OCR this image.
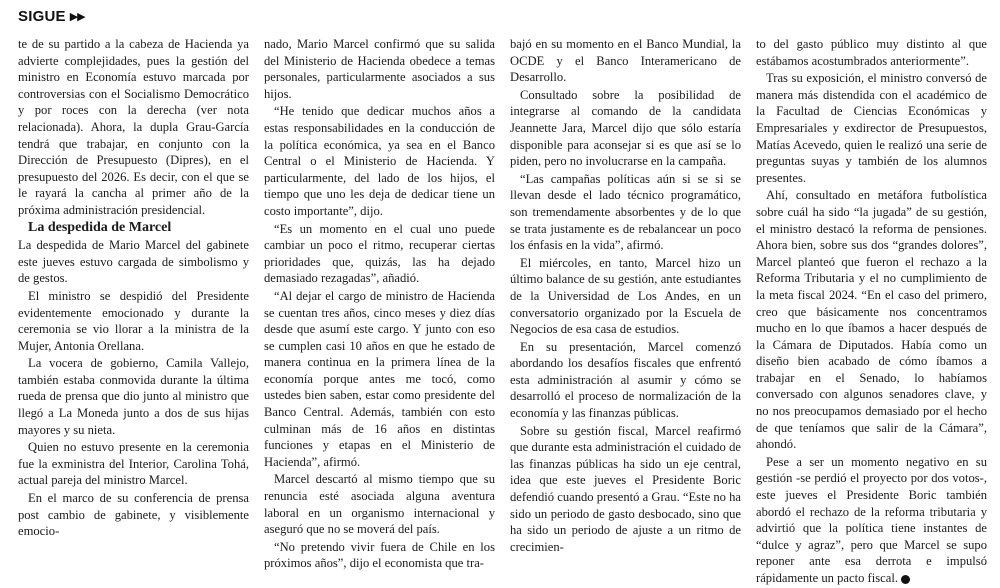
SIGUE ▶▶

te de su partido a la cabeza de Hacienda ya advierte complejidades, pues la gestión del ministro en Economía estuvo marcada por controversias con el Socialismo Democrático y por roces con la derecha (ver nota relacionada). Ahora, la dupla Grau-García tendrá que trabajar, en conjunto con la Dirección de Presupuesto (Dipres), en el presupuesto del 2026. Es decir, con el que se le rayará la cancha al primer año de la próxima administración presidencial.

La despedida de Marcel

La despedida de Mario Marcel del gabinete este jueves estuvo cargada de simbolismo y de gestos.

El ministro se despidió del Presidente evidentemente emocionado y durante la ceremonia se vio llorar a la ministra de la Mujer, Antonia Orellana.

La vocera de gobierno, Camila Vallejo, también estaba conmovida durante la última rueda de prensa que dio junto al ministro que llegó a La Moneda junto a dos de sus hijas mayores y su nieta.

Quien no estuvo presente en la ceremonia fue la exministra del Interior, Carolina Tohá, actual pareja del ministro Marcel.

En el marco de su conferencia de prensa post cambio de gabinete, y visiblemente emocio-

nado, Mario Marcel confirmó que su salida del Ministerio de Hacienda obedece a temas personales, particularmente asociados a sus hijos.

“He tenido que dedicar muchos años a estas responsabilidades en la conducción de la política económica, ya sea en el Banco Central o el Ministerio de Hacienda. Y particularmente, del lado de los hijos, el tiempo que uno les deja de dedicar tiene un costo importante”, dijo.

“Es un momento en el cual uno puede cambiar un poco el ritmo, recuperar ciertas prioridades que, quizás, las ha dejado demasiado rezagadas”, añadió.

“Al dejar el cargo de ministro de Hacienda se cuentan tres años, cinco meses y diez días desde que asumí este cargo. Y junto con eso se cumplen casi 10 años en que he estado de manera continua en la primera línea de la economía porque antes me tocó, como ustedes bien saben, estar como presidente del Banco Central. Además, también con esto culminan más de 16 años en distintas funciones y etapas en el Ministerio de Hacienda”, afirmó.

Marcel descartó al mismo tiempo que su renuncia esté asociada alguna aventura laboral en un organismo internacional y aseguró que no se moverá del país.

“No pretendo vivir fuera de Chile en los próximos años”, dijo el economista que tra-

bajó en su momento en el Banco Mundial, la OCDE y el Banco Interamericano de Desarrollo.

Consultado sobre la posibilidad de integrarse al comando de la candidata Jeannette Jara, Marcel dijo que sólo estaría disponible para aconsejar si es que así se lo piden, pero no involucrarse en la campaña.

“Las campañas políticas aún si se si se llevan desde el lado técnico programático, son tremendamente absorbentes y de lo que se trata justamente es de rebalancear un poco los énfasis en la vida”, afirmó.

El miércoles, en tanto, Marcel hizo un último balance de su gestión, ante estudiantes de la Universidad de Los Andes, en un conversatorio organizado por la Escuela de Negocios de esa casa de estudios.

En su presentación, Marcel comenzó abordando los desafíos fiscales que enfrentó esta administración al asumir y cómo se desarrolló el proceso de normalización de la economía y las finanzas públicas.

Sobre su gestión fiscal, Marcel reafirmó que durante esta administración el cuidado de las finanzas públicas ha sido un eje central, idea que este jueves el Presidente Boric defendió cuando presentó a Grau. “Este no ha sido un periodo de gasto desbocado, sino que ha sido un periodo de ajuste a un ritmo de crecimien-

to del gasto público muy distinto al que estábamos acostumbrados anteriormente”.

Tras su exposición, el ministro conversó de manera más distendida con el académico de la Facultad de Ciencias Económicas y Empresariales y exdirector de Presupuestos, Matías Acevedo, quien le realizó una serie de preguntas suyas y también de los alumnos presentes.

Ahí, consultado en metáfora futbolística sobre cuál ha sido “la jugada” de su gestión, el ministro destacó la reforma de pensiones. Ahora bien, sobre sus dos “grandes dolores”, Marcel planteó que fueron el rechazo a la Reforma Tributaria y el no cumplimiento de la meta fiscal 2024. “En el caso del primero, creo que básicamente nos concentramos mucho en lo que íbamos a hacer después de la Cámara de Diputados. Había como un diseño bien acabado de cómo íbamos a trabajar en el Senado, lo habíamos conversado con algunos senadores clave, y no nos preocupamos demasiado por el hecho de que teníamos que salir de la Cámara”, ahondó.

Pese a ser un momento negativo en su gestión -se perdió el proyecto por dos votos-, este jueves el Presidente Boric también abordó el rechazo de la reforma tributaria y advirtió que la política tiene instantes de “dulce y agraz”, pero que Marcel se supo reponer ante esa derrota e impulsó rápidamente un pacto fiscal.
